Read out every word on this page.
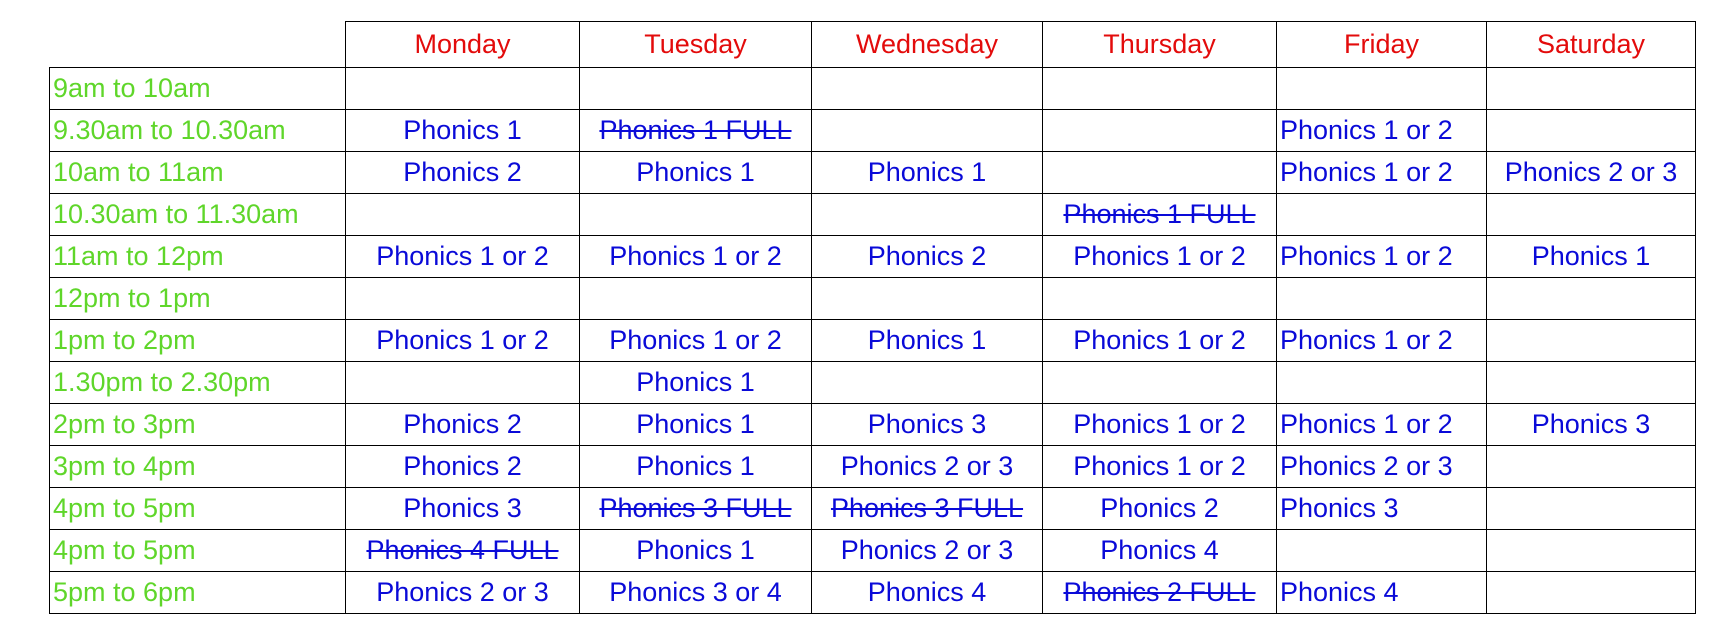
	Monday	Tuesday	Wednesday	Thursday	Friday	Saturday
9am to 10am						
9.30am to 10.30am	Phonics 1	Phonics 1 FULL			Phonics 1 or 2	
10am to 11am	Phonics 2	Phonics 1	Phonics 1		Phonics 1 or 2	Phonics 2 or 3
10.30am to 11.30am				Phonics 1 FULL		
11am to 12pm	Phonics 1 or 2	Phonics 1 or 2	Phonics 2	Phonics 1 or 2	Phonics 1 or 2	Phonics 1
12pm to 1pm						
1pm to 2pm	Phonics 1 or 2	Phonics 1 or 2	Phonics 1	Phonics 1 or 2	Phonics 1 or 2	
1.30pm to 2.30pm		Phonics 1				
2pm to 3pm	Phonics 2	Phonics 1	Phonics 3	Phonics 1 or 2	Phonics 1 or 2	Phonics 3
3pm to 4pm	Phonics 2	Phonics 1	Phonics 2 or 3	Phonics 1 or 2	Phonics 2 or 3	
4pm to 5pm	Phonics 3	Phonics 3 FULL	Phonics 3 FULL	Phonics 2	Phonics 3	
4pm to 5pm	Phonics 4 FULL	Phonics 1	Phonics 2 or 3	Phonics 4		
5pm to 6pm	Phonics 2 or 3	Phonics 3 or 4	Phonics 4	Phonics 2 FULL	Phonics 4	
